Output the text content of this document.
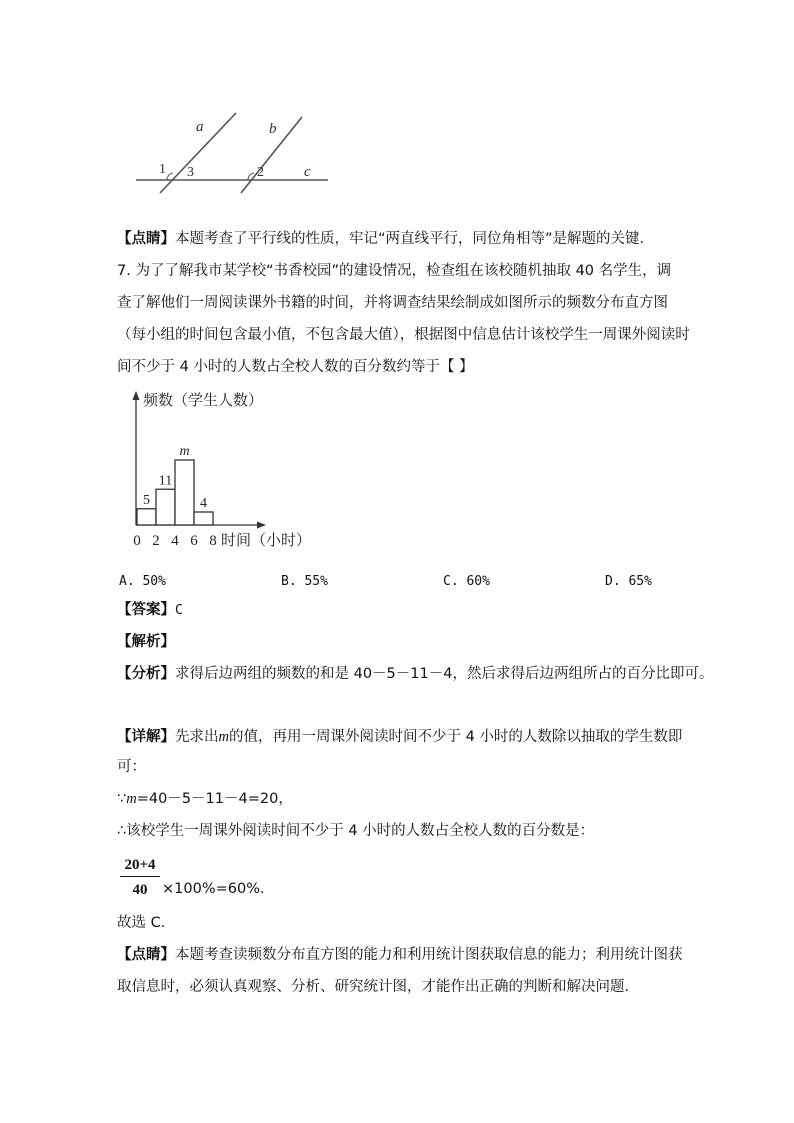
a	b
c
1 3	2
【点睛】本题考查了平行线的性质，牢记“两直线平行，同位角相等”是解题的关键．
7. 为了了解我市某学校“书香校园”的建设情况，检查组在该校随机抽取 40 名学生，调
查了解他们一周阅读课外书籍的时间，并将调查结果绘制成如图所示的频数分布直方图
（每小组的时间包含最小值，不包含最大值），根据图中信息估计该校学生一周课外阅读时
间不少于 4 小时的人数占全校人数的百分数约等于【 】
频数（学生人数）
时间（小时）
5
11
m
4
0 2 4 6 8
A. 50%	B. 55%	C. 60%	D. 65%
【答案】C
【解析】
【分析】求得后边两组的频数的和是 40－5－11－4，然后求得后边两组所占的百分比即可。
【详解】先求出m的值，再用一周课外阅读时间不少于 4 小时的人数除以抽取的学生数即
可：
∵m=40－5－11－4=20，
∴该校学生一周课外阅读时间不少于 4 小时的人数占全校人数的百分数是：
$\frac{20+4}{40} \times 100\%=60\%$．
故选 C．
【点睛】本题考查读频数分布直方图的能力和利用统计图获取信息的能力；利用统计图获
取信息时，必须认真观察、分析、研究统计图，才能作出正确的判断和解决问题．
